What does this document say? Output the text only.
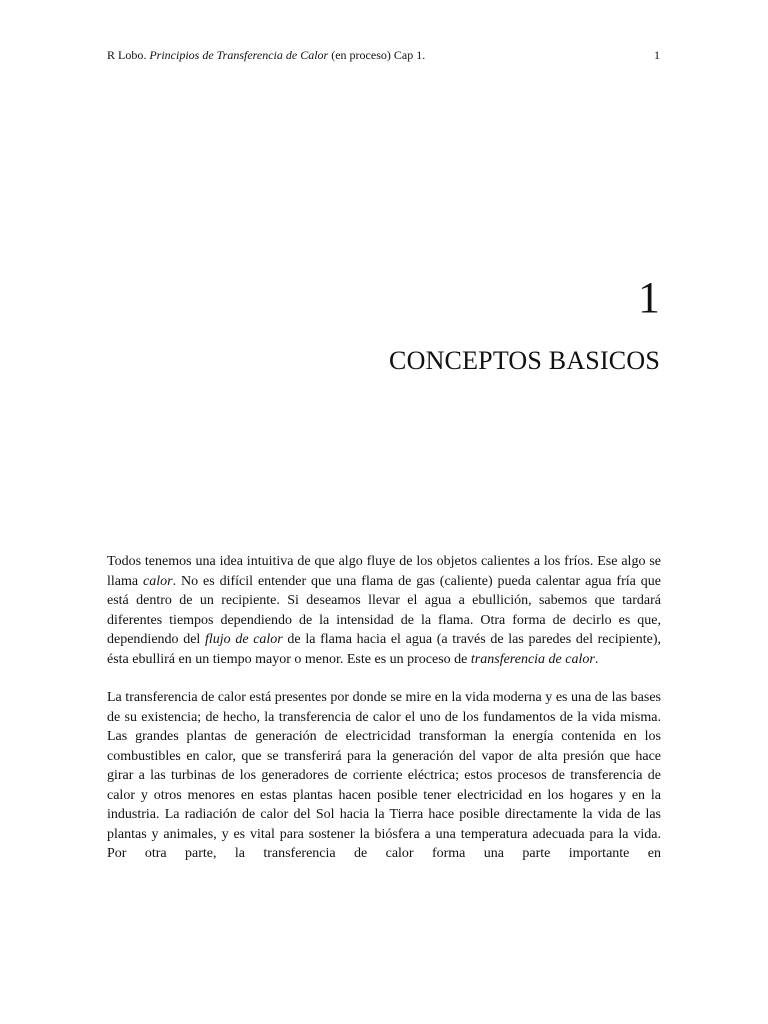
R Lobo. Principios de Transferencia de Calor (en proceso) Cap 1.	1
1
CONCEPTOS BASICOS

Todos tenemos una idea intuitiva de que algo fluye de los objetos calientes a los fríos. Ese algo se llama calor. No es difícil entender que una flama de gas (caliente) pueda calentar agua fría que está dentro de un recipiente. Si deseamos llevar el agua a ebullición, sabemos que tardará diferentes tiempos dependiendo de la intensidad de la flama. Otra forma de decirlo es que, dependiendo del flujo de calor de la flama hacia el agua (a través de las paredes del recipiente), ésta ebullirá en un tiempo mayor o menor. Este es un proceso de transferencia de calor.

La transferencia de calor está presentes por donde se mire en la vida moderna y es una de las bases de su existencia; de hecho, la transferencia de calor el uno de los fundamentos de la vida misma. Las grandes plantas de generación de electricidad transforman la energía contenida en los combustibles en calor, que se transferirá para la generación del vapor de alta presión que hace girar a las turbinas de los generadores de corriente eléctrica; estos procesos de transferencia de calor y otros menores en estas plantas hacen posible tener electricidad en los hogares y en la industria. La radiación de calor del Sol hacia la Tierra hace posible directamente la vida de las plantas y animales, y es vital para sostener la biósfera a una temperatura adecuada para la vida. Por otra parte, la transferencia de calor forma una parte importante en
